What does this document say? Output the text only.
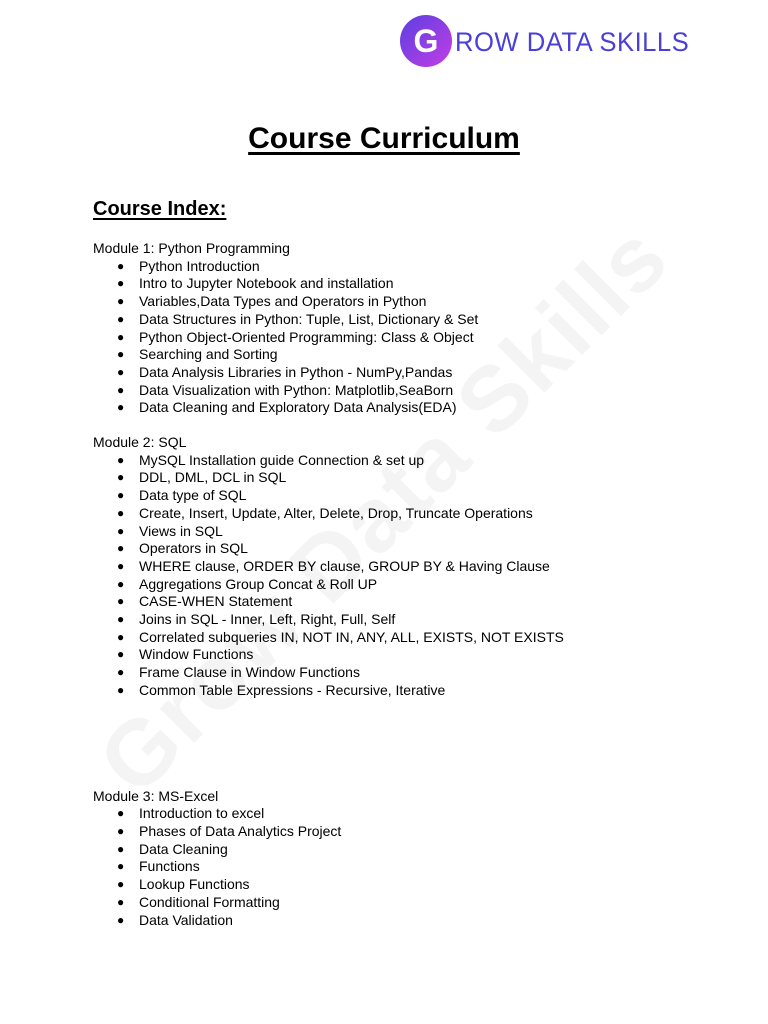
G ROW DATA SKILLS
Course Curriculum
Course Index:
Module 1: Python Programming
● Python Introduction
● Intro to Jupyter Notebook and installation
● Variables,Data Types and Operators in Python
● Data Structures in Python: Tuple, List, Dictionary & Set
● Python Object-Oriented Programming: Class & Object
● Searching and Sorting
● Data Analysis Libraries in Python - NumPy,Pandas
● Data Visualization with Python: Matplotlib,SeaBorn
● Data Cleaning and Exploratory Data Analysis(EDA)
Module 2: SQL
● MySQL Installation guide Connection & set up
● DDL, DML, DCL in SQL
● Data type of SQL
● Create, Insert, Update, Alter, Delete, Drop, Truncate Operations
● Views in SQL
● Operators in SQL
● WHERE clause, ORDER BY clause, GROUP BY & Having Clause
● Aggregations Group Concat & Roll UP
● CASE-WHEN Statement
● Joins in SQL - Inner, Left, Right, Full, Self
● Correlated subqueries IN, NOT IN, ANY, ALL, EXISTS, NOT EXISTS
● Window Functions
● Frame Clause in Window Functions
● Common Table Expressions - Recursive, Iterative
Module 3: MS-Excel
● Introduction to excel
● Phases of Data Analytics Project
● Data Cleaning
● Functions
● Lookup Functions
● Conditional Formatting
● Data Validation
